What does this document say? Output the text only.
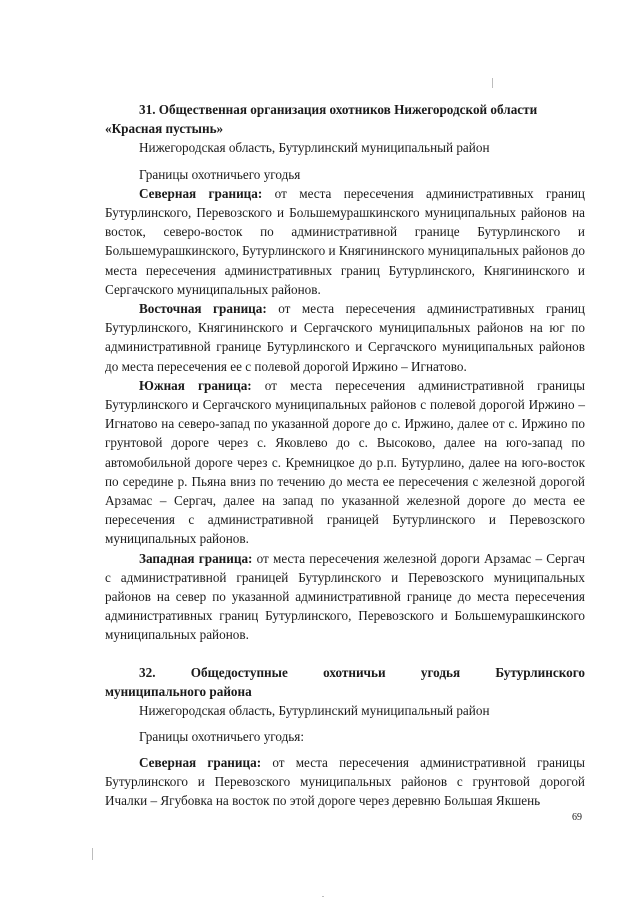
31. Общественная организация охотников Нижегородской области

«Красная пустынь»

Нижегородская область, Бутурлинский муниципальный район

Границы охотничьего угодья

Северная граница: от места пересечения административных границ Бутурлинского, Перевозского и Большемурашкинского муниципальных районов на восток, северо-восток по административной границе Бутурлинского и Большемурашкинского, Бутурлинского и Княгининского муниципальных районов до места пересечения административных границ Бутурлинского, Княгининского и Сергачского муниципальных районов.

Восточная граница: от места пересечения административных границ Бутурлинского, Княгининского и Сергачского муниципальных районов на юг по административной границе Бутурлинского и Сергачского муниципальных районов до места пересечения ее с полевой дорогой Иржино – Игнатово.

Южная граница: от места пересечения административной границы Бутурлинского и Сергачского муниципальных районов с полевой дорогой Иржино – Игнатово на северо-запад по указанной дороге до с. Иржино, далее от с. Иржино по грунтовой дороге через с. Яковлево до с. Высоково, далее на юго-запад по автомобильной дороге через с. Кремницкое до р.п. Бутурлино, далее на юго-восток по середине р. Пьяна вниз по течению до места ее пересечения с железной дорогой Арзамас – Сергач, далее на запад по указанной железной дороге до места ее пересечения с административной границей Бутурлинского и Перевозского муниципальных районов.

Западная граница: от места пересечения железной дороги Арзамас – Сергач с административной границей Бутурлинского и Перевозского муниципальных районов на север по указанной административной границе до места пересечения административных границ Бутурлинского, Перевозского и Большемурашкинского муниципальных районов.

32. Общедоступные охотничьи угодья Бутурлинского

муниципального района

Нижегородская область, Бутурлинский муниципальный район

Границы охотничьего угодья:

Северная граница: от места пересечения административной границы Бутурлинского и Перевозского муниципальных районов с грунтовой дорогой Ичалки – Ягубовка на восток по этой дороге через деревню Большая Якшень

69
